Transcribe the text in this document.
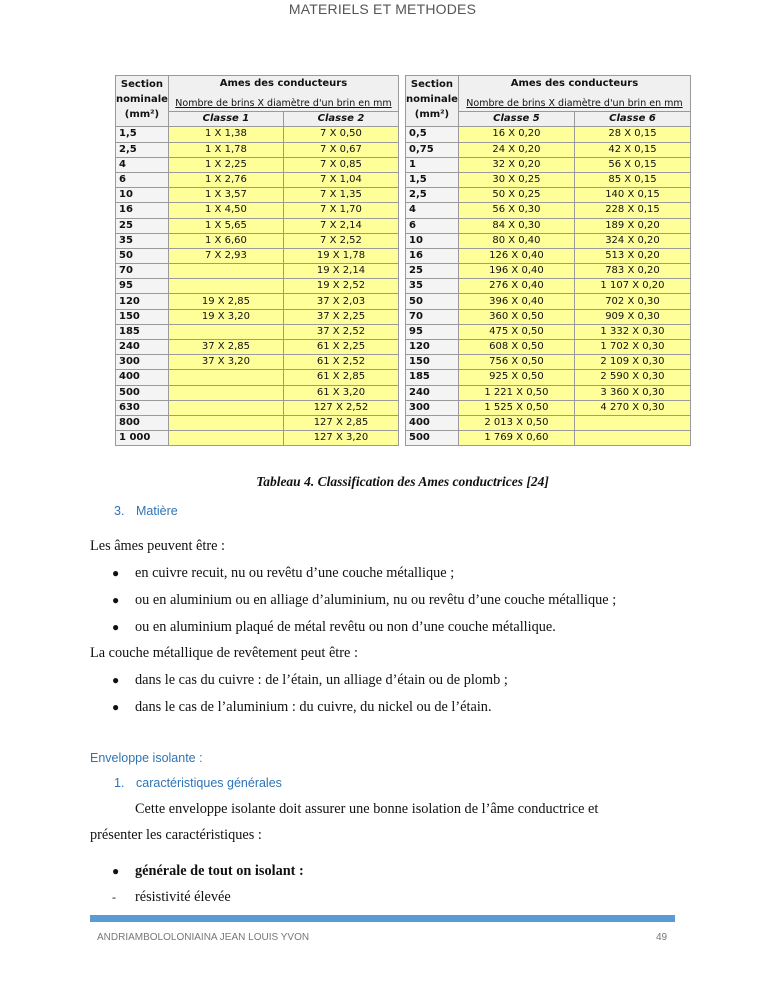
MATERIELS ET METHODES
Section nominale (mm²)	Ames des conducteurs	
	Nombre de brins X diamètre d'un brin en mm	
	Classe 1	Classe 2
1,5	1 X 1,38	7 X 0,50
2,5	1 X 1,78	7 X 0,67
4	1 X 2,25	7 X 0,85
6	1 X 2,76	7 X 1,04
10	1 X 3,57	7 X 1,35
16	1 X 4,50	7 X 1,70
25	1 X 5,65	7 X 2,14
35	1 X 6,60	7 X 2,52
50	7 X 2,93	19 X 1,78
70		19 X 2,14
95		19 X 2,52
120	19 X 2,85	37 X 2,03
150	19 X 3,20	37 X 2,25
185		37 X 2,52
240	37 X 2,85	61 X 2,25
300	37 X 3,20	61 X 2,52
400		61 X 2,85
500		61 X 3,20
630		127 X 2,52
800		127 X 2,85
1 000		127 X 3,20
Section nominale (mm²)	Ames des conducteurs	
	Nombre de brins X diamètre d'un brin en mm	
	Classe 5	Classe 6
0,5	16 X 0,20	28 X 0,15
0,75	24 X 0,20	42 X 0,15
1	32 X 0,20	56 X 0,15
1,5	30 X 0,25	85 X 0,15
2,5	50 X 0,25	140 X 0,15
4	56 X 0,30	228 X 0,15
6	84 X 0,30	189 X 0,20
10	80 X 0,40	324 X 0,20
16	126 X 0,40	513 X 0,20
25	196 X 0,40	783 X 0,20
35	276 X 0,40	1 107 X 0,20
50	396 X 0,40	702 X 0,30
70	360 X 0,50	909 X 0,30
95	475 X 0,50	1 332 X 0,30
120	608 X 0,50	1 702 X 0,30
150	756 X 0,50	2 109 X 0,30
185	925 X 0,50	2 590 X 0,30
240	1 221 X 0,50	3 360 X 0,30
300	1 525 X 0,50	4 270 X 0,30
400	2 013 X 0,50	
500	1 769 X 0,60	
Tableau 4. Classification des Ames conductrices [24]
3. Matière
Les âmes peuvent être :
● en cuivre recuit, nu ou revêtu d’une couche métallique ;
● ou en aluminium ou en alliage d’aluminium, nu ou revêtu d’une couche métallique ;
● ou en aluminium plaqué de métal revêtu ou non d’une couche métallique.
La couche métallique de revêtement peut être :
● dans le cas du cuivre : de l’étain, un alliage d’étain ou de plomb ;
● dans le cas de l’aluminium : du cuivre, du nickel ou de l’étain.
Enveloppe isolante :
1. caractéristiques générales
Cette enveloppe isolante doit assurer une bonne isolation de l’âme conductrice et
présenter les caractéristiques :
● générale de tout on isolant :
- résistivité élevée
ANDRIAMBOLOLONIAINA JEAN LOUIS YVON	49
